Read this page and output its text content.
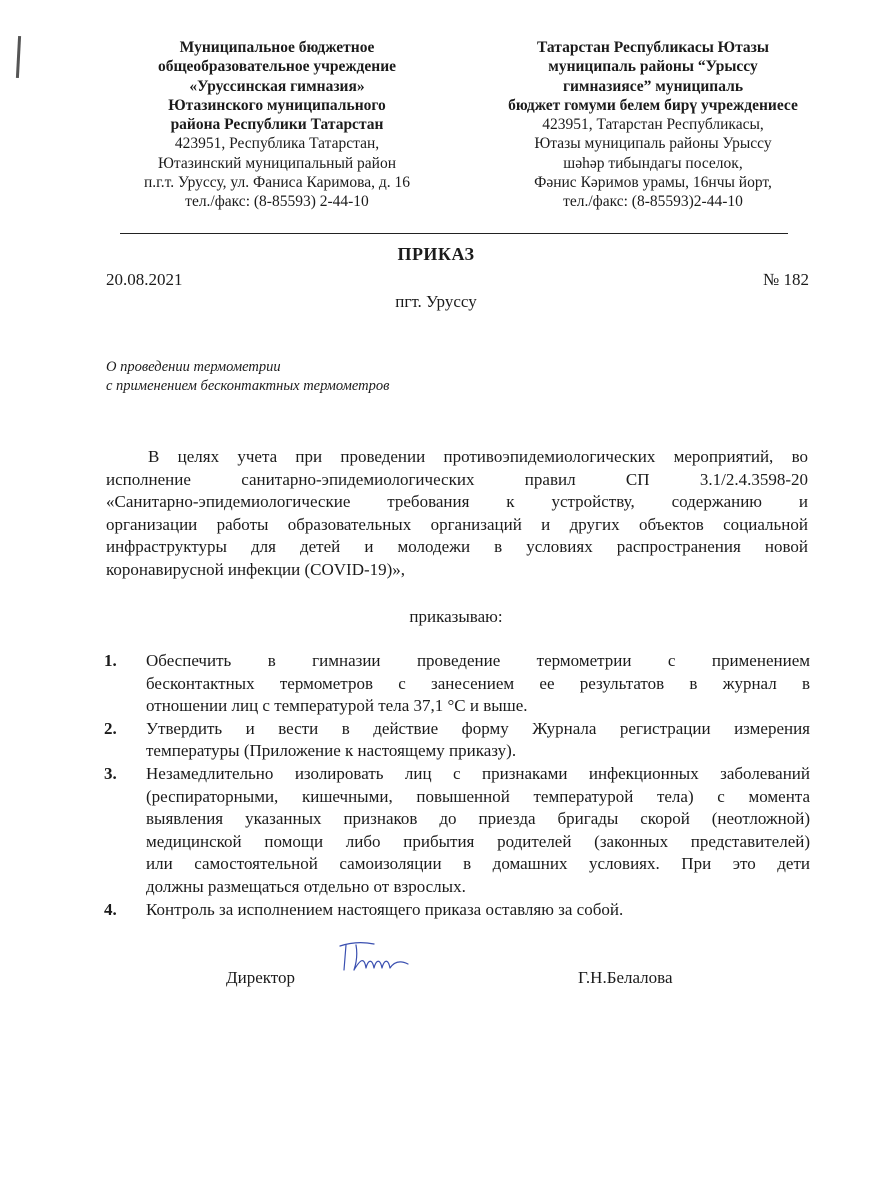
Муниципальное бюджетное
общеобразовательное учреждение
«Уруссинская гимназия»
Ютазинского муниципального
района Республики Татарстан
423951, Республика Татарстан,
Ютазинский муниципальный район
п.г.т. Уруссу, ул. Фаниса Каримова, д. 16
тел./факс: (8-85593) 2-44-10
Татарстан Республикасы Ютазы
муниципаль районы “Урыссу
гимназиясе” муниципаль
бюджет гомуми белем бирү учреждениесе
423951, Татарстан Республикасы,
Ютазы муниципаль районы Урыссу
шәһәр тибындагы поселок,
Фәнис Кәримов урамы, 16нчы йорт,
тел./факс: (8-85593)2-44-10
ПРИКАЗ
20.08.2021	№ 182
пгт. Уруссу
О проведении термометрии
с применением бесконтактных термометров
В целях учета при проведении противоэпидемиологических мероприятий, во
исполнение санитарно-эпидемиологических правил СП 3.1/2.4.3598-20
«Санитарно-эпидемиологические требования к устройству, содержанию и
организации работы образовательных организаций и других объектов социальной
инфраструктуры для детей и молодежи в условиях распространения новой
коронавирусной инфекции (COVID-19)»,
приказываю:
1. Обеспечить в гимназии проведение термометрии с применением
бесконтактных термометров с занесением ее результатов в журнал в
отношении лиц с температурой тела 37,1 °С и выше.
2. Утвердить и вести в действие форму Журнала регистрации измерения
температуры (Приложение к настоящему приказу).
3. Незамедлительно изолировать лиц с признаками инфекционных заболеваний
(респираторными, кишечными, повышенной температурой тела) с момента
выявления указанных признаков до приезда бригады скорой (неотложной)
медицинской помощи либо прибытия родителей (законных представителей)
или самостоятельной самоизоляции в домашних условиях. При это дети
должны размещаться отдельно от взрослых.
4. Контроль за исполнением настоящего приказа оставляю за собой.
Директор	Г.Н.Белалова
